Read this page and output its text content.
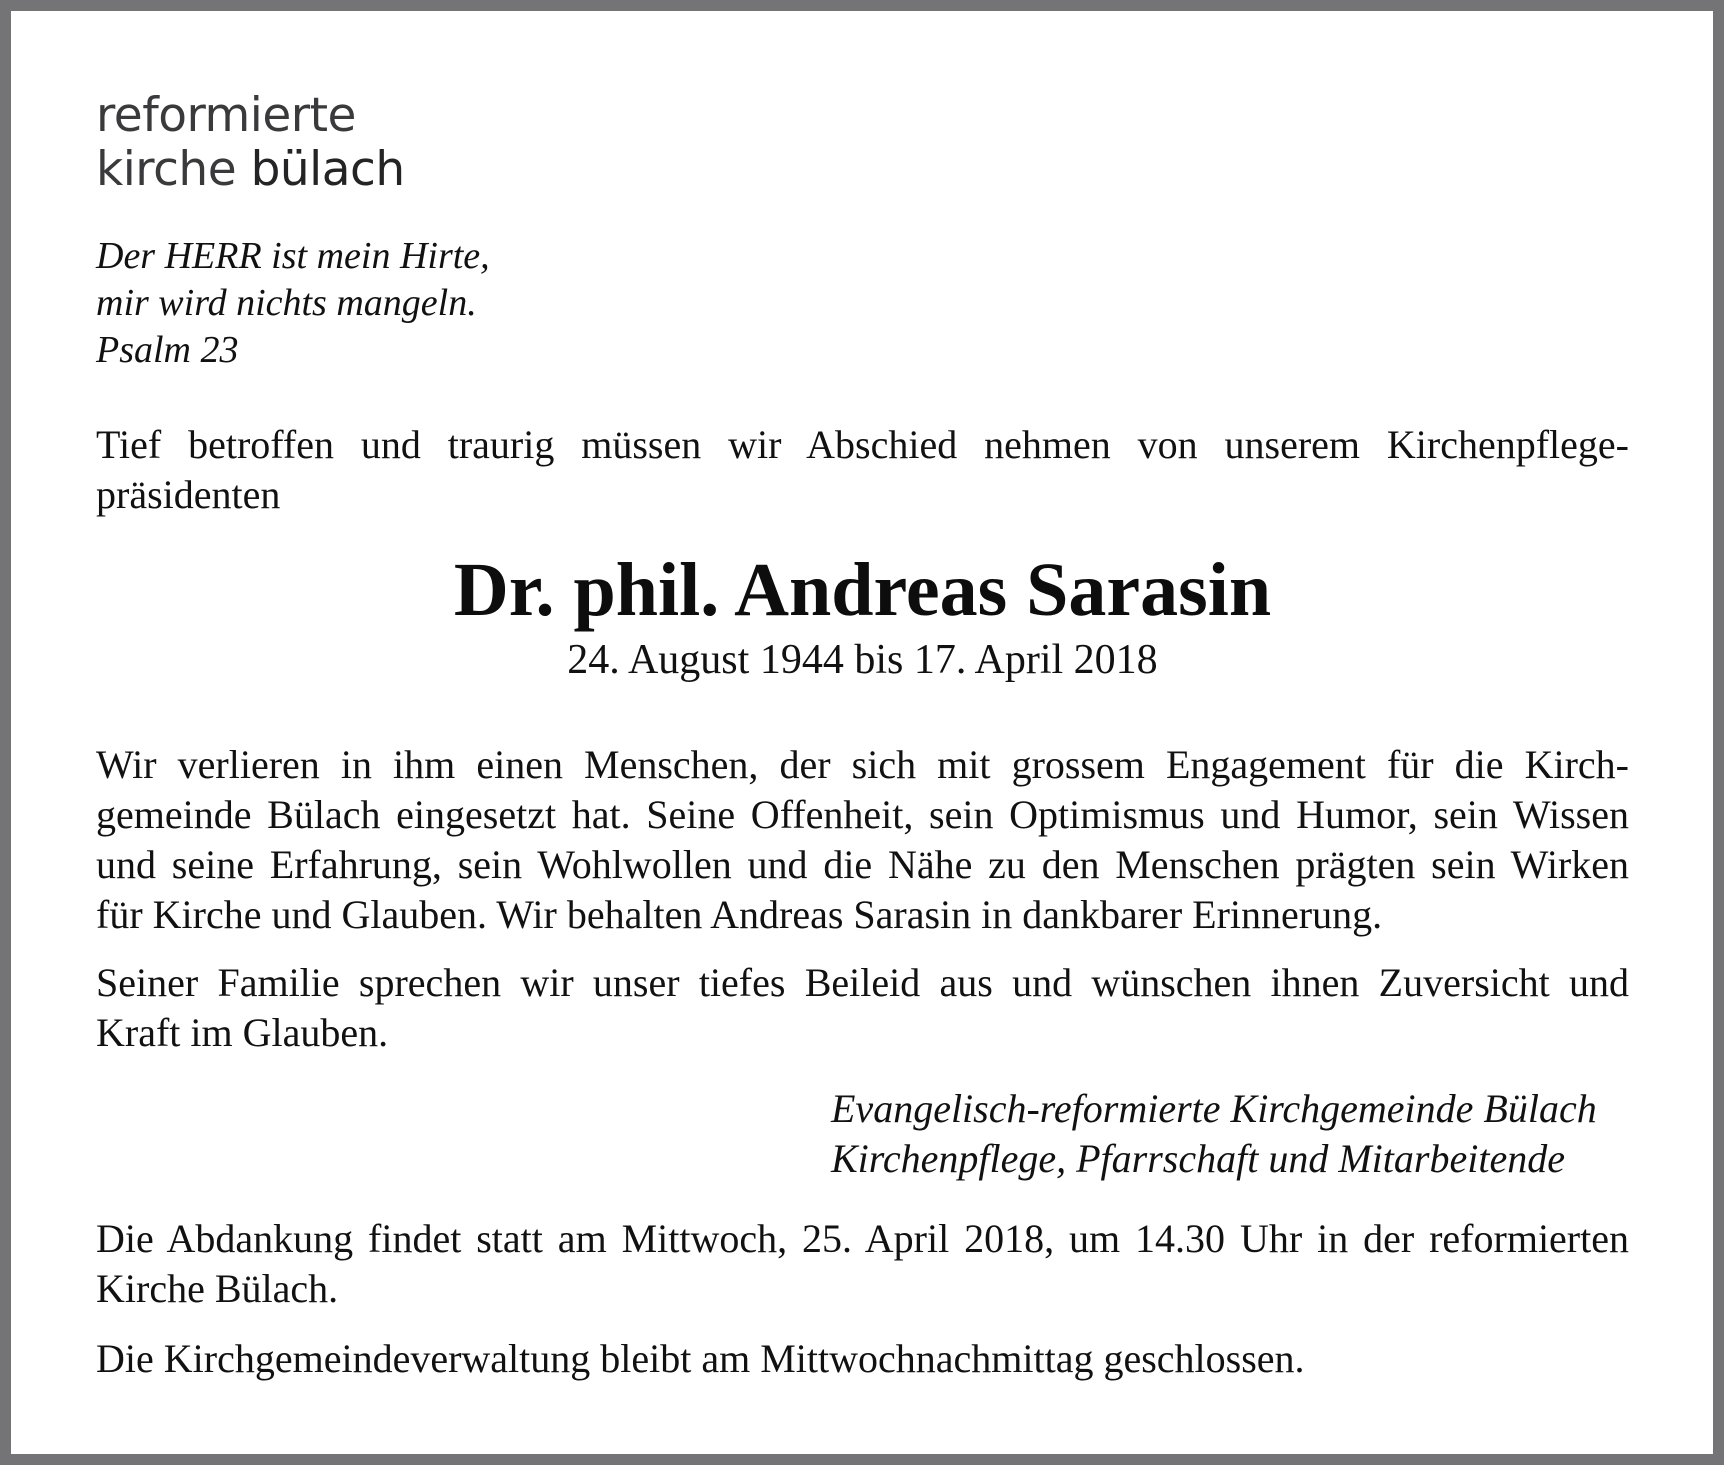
reformierte
kirche bülach
Der HERR ist mein Hirte,
mir wird nichts mangeln.
Psalm 23
Tief betroffen und traurig müssen wir Abschied nehmen von unserem Kirchenpflege-
präsidenten
Dr. phil. Andreas Sarasin
24. August 1944 bis 17. April 2018
Wir verlieren in ihm einen Menschen, der sich mit grossem Engagement für die Kirch-
gemeinde Bülach eingesetzt hat. Seine Offenheit, sein Optimismus und Humor, sein Wissen
und seine Erfahrung, sein Wohlwollen und die Nähe zu den Menschen prägten sein Wirken
für Kirche und Glauben. Wir behalten Andreas Sarasin in dankbarer Erinnerung.
Seiner Familie sprechen wir unser tiefes Beileid aus und wünschen ihnen Zuversicht und
Kraft im Glauben.
Evangelisch-reformierte Kirchgemeinde Bülach
Kirchenpflege, Pfarrschaft und Mitarbeitende
Die Abdankung findet statt am Mittwoch, 25. April 2018, um 14.30 Uhr in der reformierten
Kirche Bülach.
Die Kirchgemeindeverwaltung bleibt am Mittwochnachmittag geschlossen.
